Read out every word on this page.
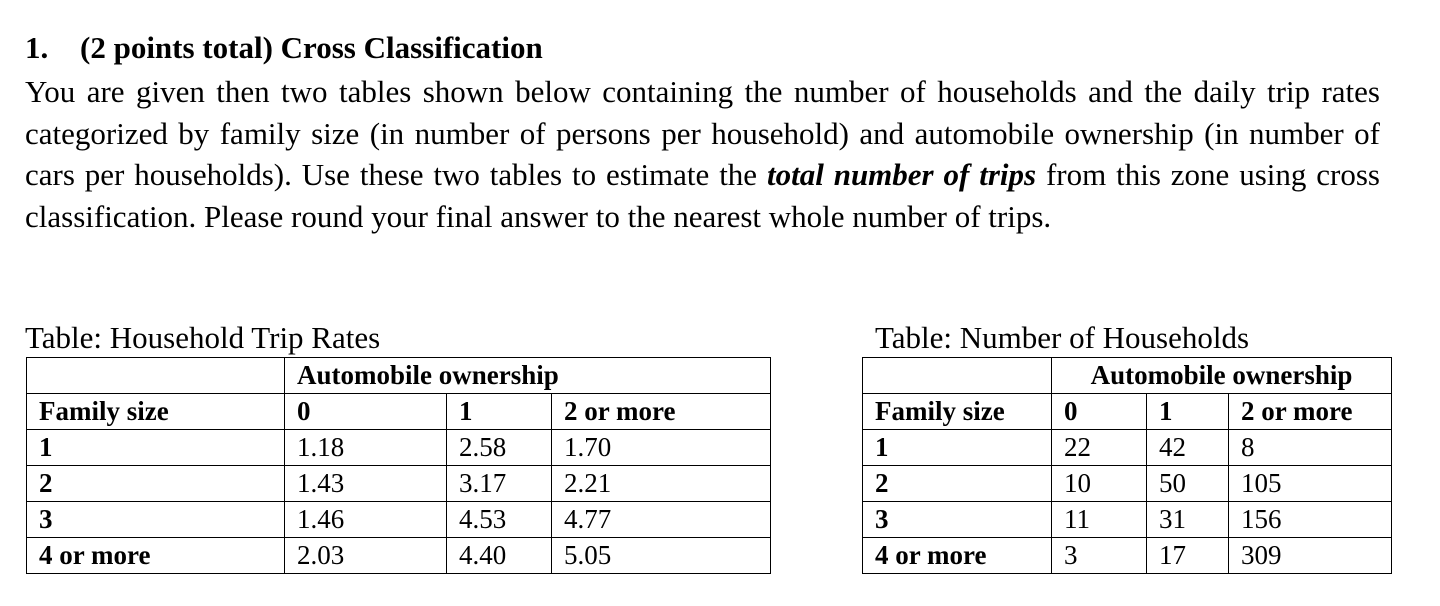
1. (2 points total) Cross Classification
You are given then two tables shown below containing the number of households and the daily trip rates categorized by family size (in number of persons per household) and automobile ownership (in number of cars per households). Use these two tables to estimate the total number of trips from this zone using cross classification. Please round your final answer to the nearest whole number of trips.
Table: Household Trip Rates	Table: Number of Households
	Automobile ownership		
Family size	0	1	2 or more
1	1.18	2.58	1.70
2	1.43	3.17	2.21
3	1.46	4.53	4.77
4 or more	2.03	4.40	5.05
	Automobile ownership		
Family size	0	1	2 or more
1	22	42	8
2	10	50	105
3	11	31	156
4 or more	3	17	309
